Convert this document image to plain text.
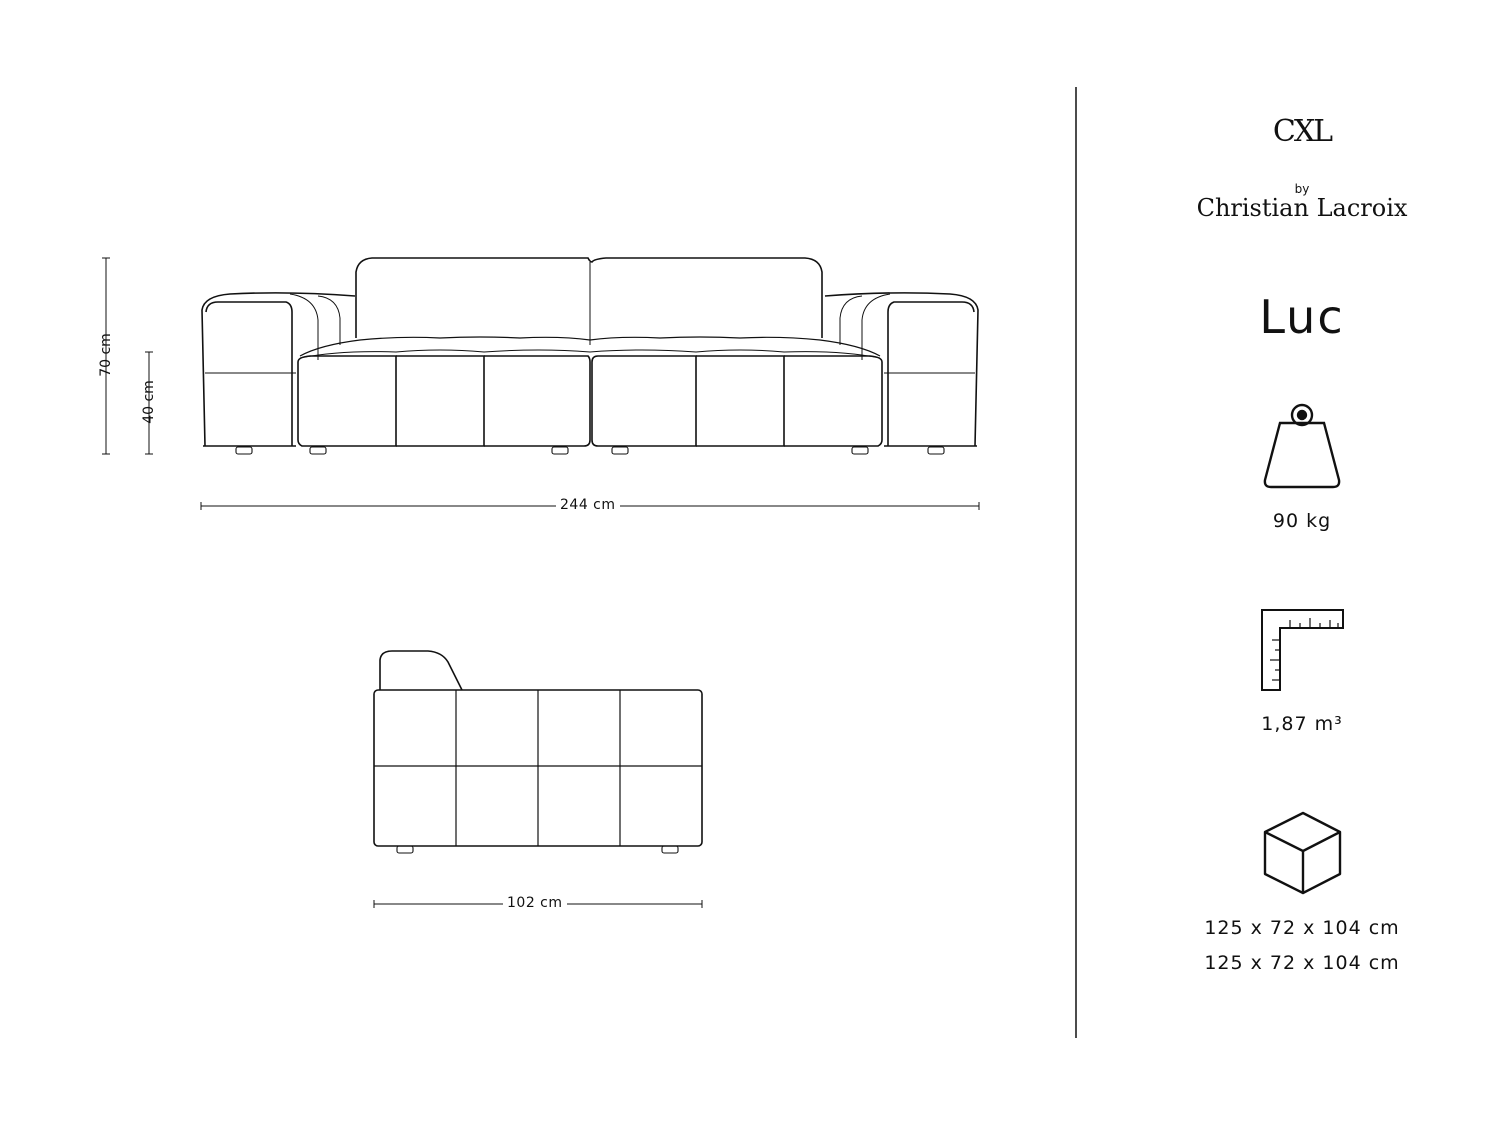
70 cm
40 cm
244 cm
102 cm
CXL
by
Christian Lacroix
Luc
90 kg
1,87 m³
125 x 72 x 104 cm
125 x 72 x 104 cm
